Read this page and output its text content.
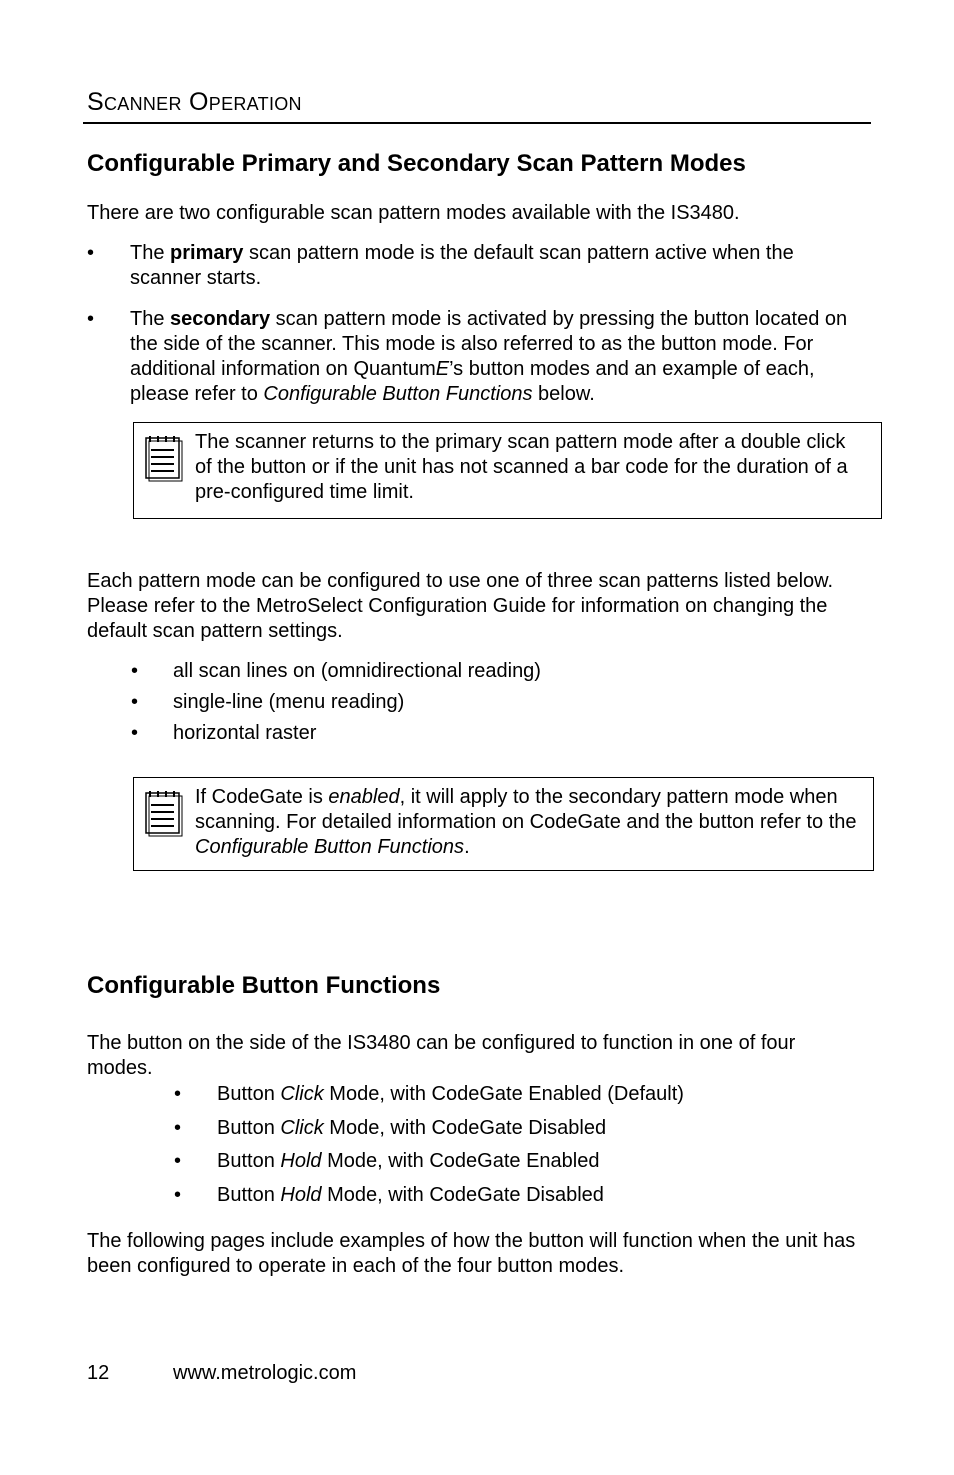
Scanner Operation
Configurable Primary and Secondary Scan Pattern Modes
There are two configurable scan pattern modes available with the IS3480.
• The primary scan pattern mode is the default scan pattern active when the scanner starts.
• The secondary scan pattern mode is activated by pressing the button located on the side of the scanner. This mode is also referred to as the button mode. For additional information on QuantumE’s button modes and an example of each, please refer to Configurable Button Functions below.
The scanner returns to the primary scan pattern mode after a double click of the button or if the unit has not scanned a bar code for the duration of a pre-configured time limit.
Each pattern mode can be configured to use one of three scan patterns listed below. Please refer to the MetroSelect Configuration Guide for information on changing the default scan pattern settings.
• all scan lines on (omnidirectional reading)
• single-line (menu reading)
• horizontal raster
If CodeGate is enabled, it will apply to the secondary pattern mode when scanning. For detailed information on CodeGate and the button refer to the Configurable Button Functions.
Configurable Button Functions
The button on the side of the IS3480 can be configured to function in one of four modes.
• Button Click Mode, with CodeGate Enabled (Default)
• Button Click Mode, with CodeGate Disabled
• Button Hold Mode, with CodeGate Enabled
• Button Hold Mode, with CodeGate Disabled
The following pages include examples of how the button will function when the unit has been configured to operate in each of the four button modes.
12	www.metrologic.com
